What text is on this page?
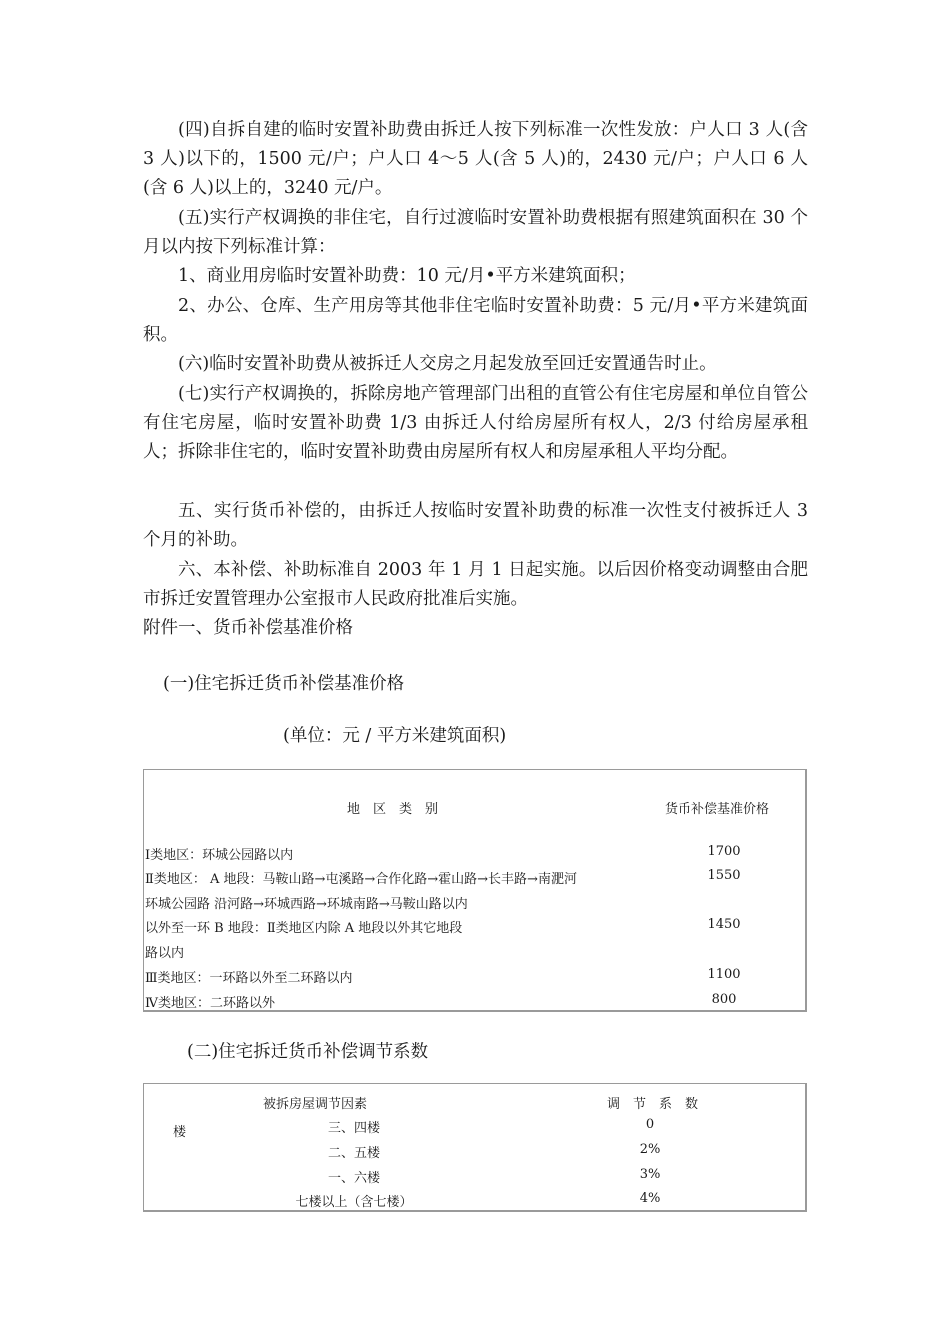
(四)自拆自建的临时安置补助费由拆迁人按下列标准一次性发放：户人口 3 人(含 3 人)以下的，1500 元/户；户人口 4～5 人(含 5 人)的，2430 元/户；户人口 6 人(含 6 人)以上的，3240 元/户。

(五)实行产权调换的非住宅，自行过渡临时安置补助费根据有照建筑面积在 30 个月以内按下列标准计算：

1、商业用房临时安置补助费：10 元/月•平方米建筑面积；

2、办公、仓库、生产用房等其他非住宅临时安置补助费：5 元/月•平方米建筑面积。

(六)临时安置补助费从被拆迁人交房之月起发放至回迁安置通告时止。

(七)实行产权调换的，拆除房地产管理部门出租的直管公有住宅房屋和单位自管公有住宅房屋，临时安置补助费 1/3 由拆迁人付给房屋所有权人，2/3 付给房屋承租人；拆除非住宅的，临时安置补助费由房屋所有权人和房屋承租人平均分配。

五、实行货币补偿的，由拆迁人按临时安置补助费的标准一次性支付被拆迁人 3 个月的补助。

六、本补偿、补助标准自 2003 年 1 月 1 日起实施。以后因价格变动调整由合肥市拆迁安置管理办公室报市人民政府批准后实施。

附件一、货币补偿基准价格

(一)住宅拆迁货币补偿基准价格

(单位：元 / 平方米建筑面积)

地　区　类　别	货币补偿基准价格
Ⅰ类地区：环城公园路以内	1700
Ⅱ类地区： A 地段：马鞍山路→屯溪路→合作化路→霍山路→长丰路→南淝河	1550
环城公园路 沿河路→环城西路→环城南路→马鞍山路以内
以外至一环 B 地段：Ⅱ类地区内除 A 地段以外其它地段	1450
路以内
Ⅲ类地区：一环路以外至二环路以内	1100
Ⅳ类地区：二环路以外	800

(二)住宅拆迁货币补偿调节系数

被拆房屋调节因素	调　节　系　数
楼	三、四楼	0
二、五楼	2%
一、六楼	3%
七楼以上（含七楼）	4%
